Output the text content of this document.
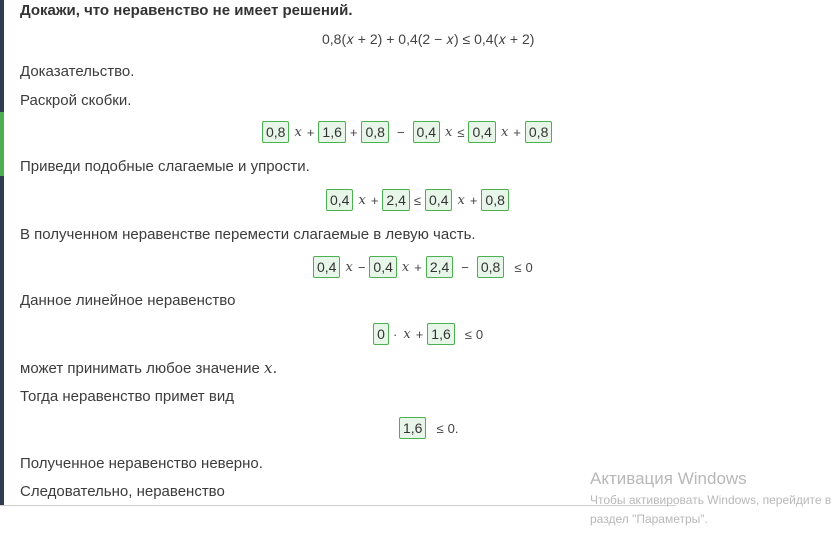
Докажи, что неравенство не имеет решений.
0,8(𝑥 + 2) + 0,4(2 − 𝑥) ≤ 0,4(𝑥 + 2)
Доказательство.
Раскрой скобки.
0,8 𝑥 + 1,6 + 0,8 − 0,4 𝑥 ≤ 0,4 𝑥 + 0,8
Приведи подобные слагаемые и упрости.
0,4 𝑥 + 2,4 ≤ 0,4 𝑥 + 0,8
В полученном неравенстве перемести слагаемые в левую часть.
0,4 𝑥 − 0,4 𝑥 + 2,4 − 0,8	≤ 0
Данное линейное неравенство
0 · 𝑥 + 1,6	≤ 0
может принимать любое значение 𝑥.
Тогда неравенство примет вид
1,6	≤ 0.
Полученное неравенство неверно.
Следовательно, неравенство
Активация Windows
Чтобы активировать Windows, перейдите в
раздел "Параметры".
